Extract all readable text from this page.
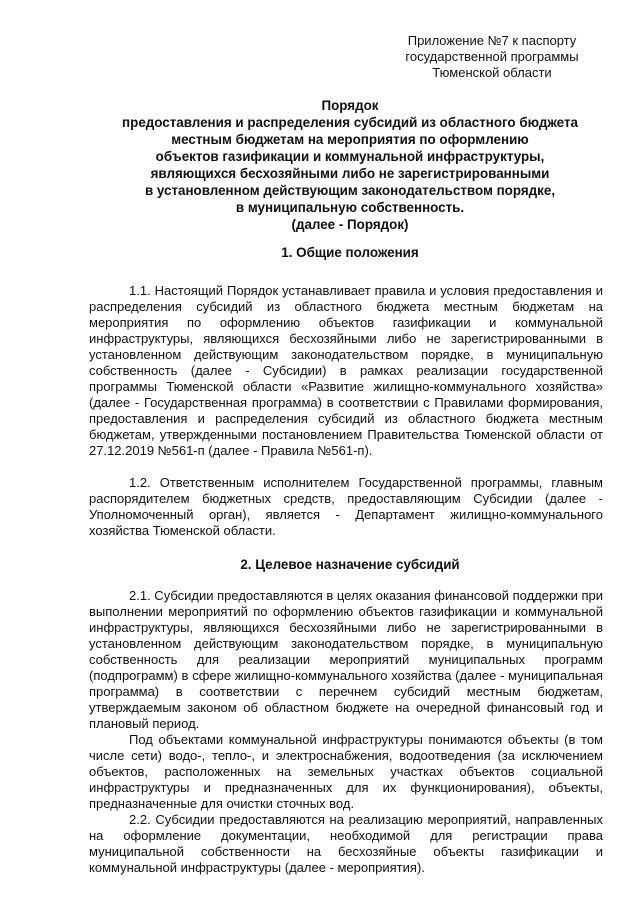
Приложение №7 к паспорту
государственной программы
Тюменской области
Порядок
предоставления и распределения субсидий из областного бюджета
местным бюджетам на мероприятия по оформлению
объектов газификации и коммунальной инфраструктуры,
являющихся бесхозяйными либо не зарегистрированными
в установленном действующим законодательством порядке,
в муниципальную собственность.
(далее - Порядок)
1. Общие положения
1.1. Настоящий Порядок устанавливает правила и условия предоставления и распределения субсидий из областного бюджета местным бюджетам на мероприятия по оформлению объектов газификации и коммунальной инфраструктуры, являющихся бесхозяйными либо не зарегистрированными в установленном действующим законодательством порядке, в муниципальную собственность (далее - Субсидии) в рамках реализации государственной программы Тюменской области «Развитие жилищно-коммунального хозяйства» (далее - Государственная программа) в соответствии с Правилами формирования, предоставления и распределения субсидий из областного бюджета местным бюджетам, утвержденными постановлением Правительства Тюменской области от 27.12.2019 №561-п (далее - Правила №561-п).
1.2. Ответственным исполнителем Государственной программы, главным распорядителем бюджетных средств, предоставляющим Субсидии (далее - Уполномоченный орган), является - Департамент жилищно-коммунального хозяйства Тюменской области.
2. Целевое назначение субсидий
2.1. Субсидии предоставляются в целях оказания финансовой поддержки при выполнении мероприятий по оформлению объектов газификации и коммунальной инфраструктуры, являющихся бесхозяйными либо не зарегистрированными в установленном действующим законодательством порядке, в муниципальную собственность для реализации мероприятий муниципальных программ (подпрограмм) в сфере жилищно-коммунального хозяйства (далее - муниципальная программа) в соответствии с перечнем субсидий местным бюджетам, утверждаемым законом об областном бюджете на очередной финансовый год и плановый период.
Под объектами коммунальной инфраструктуры понимаются объекты (в том числе сети) водо-, тепло-, и электроснабжения, водоотведения (за исключением объектов, расположенных на земельных участках объектов социальной инфраструктуры и предназначенных для их функционирования), объекты, предназначенные для очистки сточных вод.
2.2. Субсидии предоставляются на реализацию мероприятий, направленных на оформление документации, необходимой для регистрации права муниципальной собственности на бесхозяйные объекты газификации и коммунальной инфраструктуры (далее ‐ мероприятия).
